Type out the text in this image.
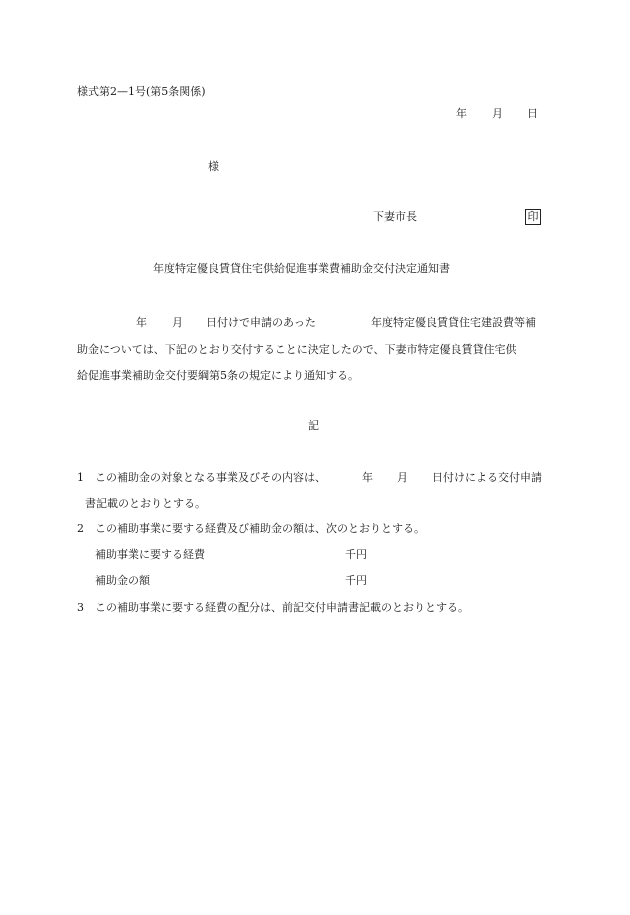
様式第2—1号(第5条関係)
年 月 日
様
下妻市長	印
年度特定優良賃貸住宅供給促進事業費補助金交付決定通知書
年 月 日付けで申請のあった	年度特定優良賃貸住宅建設費等補
助金については、下記のとおり交付することに決定したので、下妻市特定優良賃貸住宅供
給促進事業補助金交付要綱第5条の規定により通知する。
記
1 この補助金の対象となる事業及びその内容は、	年 月 日付けによる交付申請
書記載のとおりとする。
2 この補助事業に要する経費及び補助金の額は、次のとおりとする。
補助事業に要する経費	千円
補助金の額	千円
3 この補助事業に要する経費の配分は、前記交付申請書記載のとおりとする。
